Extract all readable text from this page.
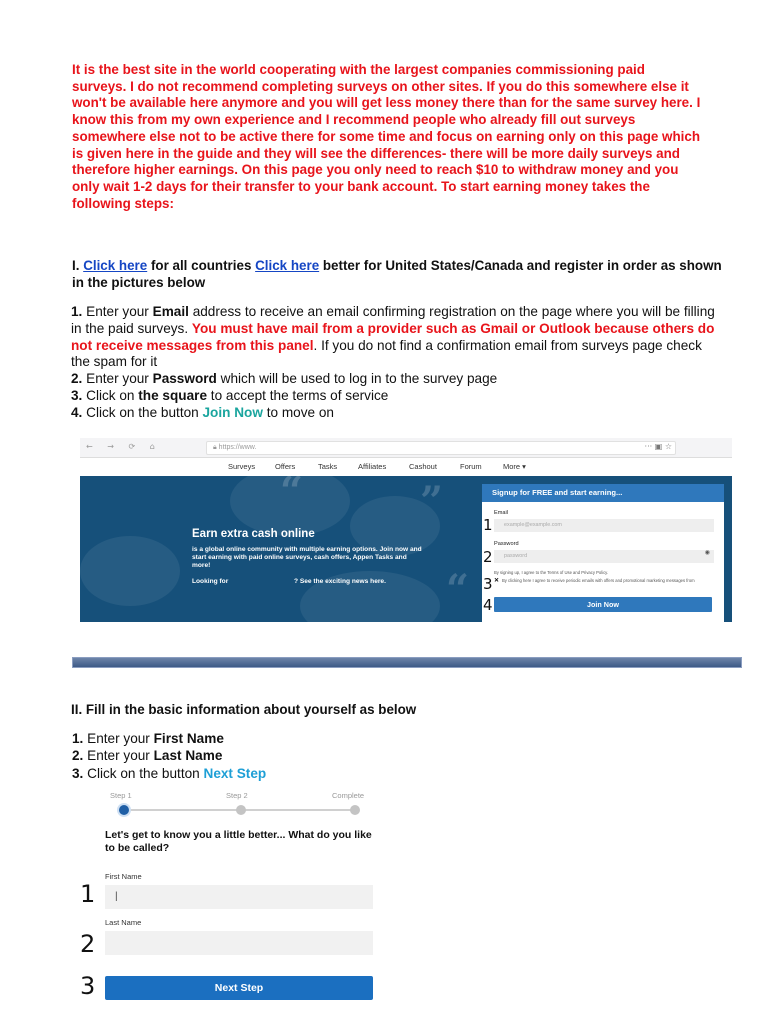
It is the best site in the world cooperating with the largest companies commissioning paid surveys. I do not recommend completing surveys on other sites. If you do this somewhere else it won't be available here anymore and you will get less money there than for the same survey here. I know this from my own experience and I recommend people who already fill out surveys somewhere else not to be active there for some time and focus on earning only on this page which is given here in the guide and they will see the differences- there will be more daily surveys and therefore higher earnings. On this page you only need to reach $10 to withdraw money and you only wait 1-2 days for their transfer to your bank account. To start earning money takes the following steps:
I. Click here for all countries Click here better for United States/Canada and register in order as shown in the pictures below
1. Enter your Email address to receive an email confirming registration on the page where you will be filling in the paid surveys. You must have mail from a provider such as Gmail or Outlook because others do not receive messages from this panel. If you do not find a confirmation email from surveys page check the spam for it
2. Enter your Password which will be used to log in to the survey page
3. Click on the square to accept the terms of service
4. Click on the button Join Now to move on
← → ⟳ ⌂	🔒︎ https://www.	··· ▣ ☆
Surveys	Offers	Tasks	Affiliates	Cashout	Forum	More ▾
“	”
“
Earn extra cash online
is a global online community with multiple earning options. Join now and start earning with paid online surveys, cash offers, Appen Tasks and more!
Looking for	? See the exciting news here.
Signup for FREE and start earning...
Email
example@example.com
Password
password	◉
By signing up, I agree to the Terms of Use and Privacy Policy.
By clicking here I agree to receive periodic emails with offers and promotional marketing messages from
✕
Join Now
1
2
3
4
II. Fill in the basic information about yourself as below
1. Enter your First Name
2. Enter your Last Name
3. Click on the button Next Step
Step 1	Step 2	Complete
Let's get to know you a little better... What do you like to be called?
First Name
|
Last Name
Next Step
1
2
3
